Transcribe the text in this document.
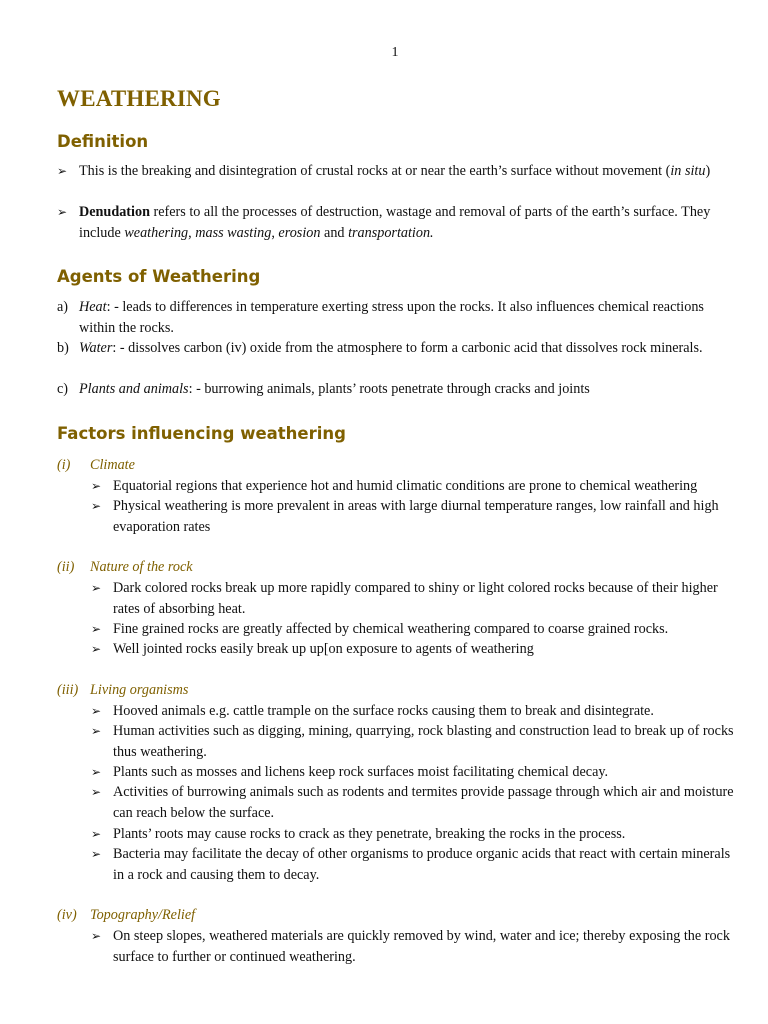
1
WEATHERING
Definition
➢ This is the breaking and disintegration of crustal rocks at or near the earth’s surface without movement (in situ)
➢ Denudation refers to all the processes of destruction, wastage and removal of parts of the earth’s surface. They include weathering, mass wasting, erosion and transportation.
Agents of Weathering
a) Heat: - leads to differences in temperature exerting stress upon the rocks. It also influences chemical reactions within the rocks.
b) Water: - dissolves carbon (iv) oxide from the atmosphere to form a carbonic acid that dissolves rock minerals.
c) Plants and animals: - burrowing animals, plants’ roots penetrate through cracks and joints
Factors influencing weathering
(i) Climate
➢ Equatorial regions that experience hot and humid climatic conditions are prone to chemical weathering
➢ Physical weathering is more prevalent in areas with large diurnal temperature ranges, low rainfall and high evaporation rates
(ii) Nature of the rock
➢ Dark colored rocks break up more rapidly compared to shiny or light colored rocks because of their higher rates of absorbing heat.
➢ Fine grained rocks are greatly affected by chemical weathering compared to coarse grained rocks.
➢ Well jointed rocks easily break up up[on exposure to agents of weathering
(iii) Living organisms
➢ Hooved animals e.g. cattle trample on the surface rocks causing them to break and disintegrate.
➢ Human activities such as digging, mining, quarrying, rock blasting and construction lead to break up of rocks thus weathering.
➢ Plants such as mosses and lichens keep rock surfaces moist facilitating chemical decay.
➢ Activities of burrowing animals such as rodents and termites provide passage through which air and moisture can reach below the surface.
➢ Plants’ roots may cause rocks to crack as they penetrate, breaking the rocks in the process.
➢ Bacteria may facilitate the decay of other organisms to produce organic acids that react with certain minerals in a rock and causing them to decay.
(iv) Topography/Relief
➢ On steep slopes, weathered materials are quickly removed by wind, water and ice; thereby exposing the rock surface to further or continued weathering.
